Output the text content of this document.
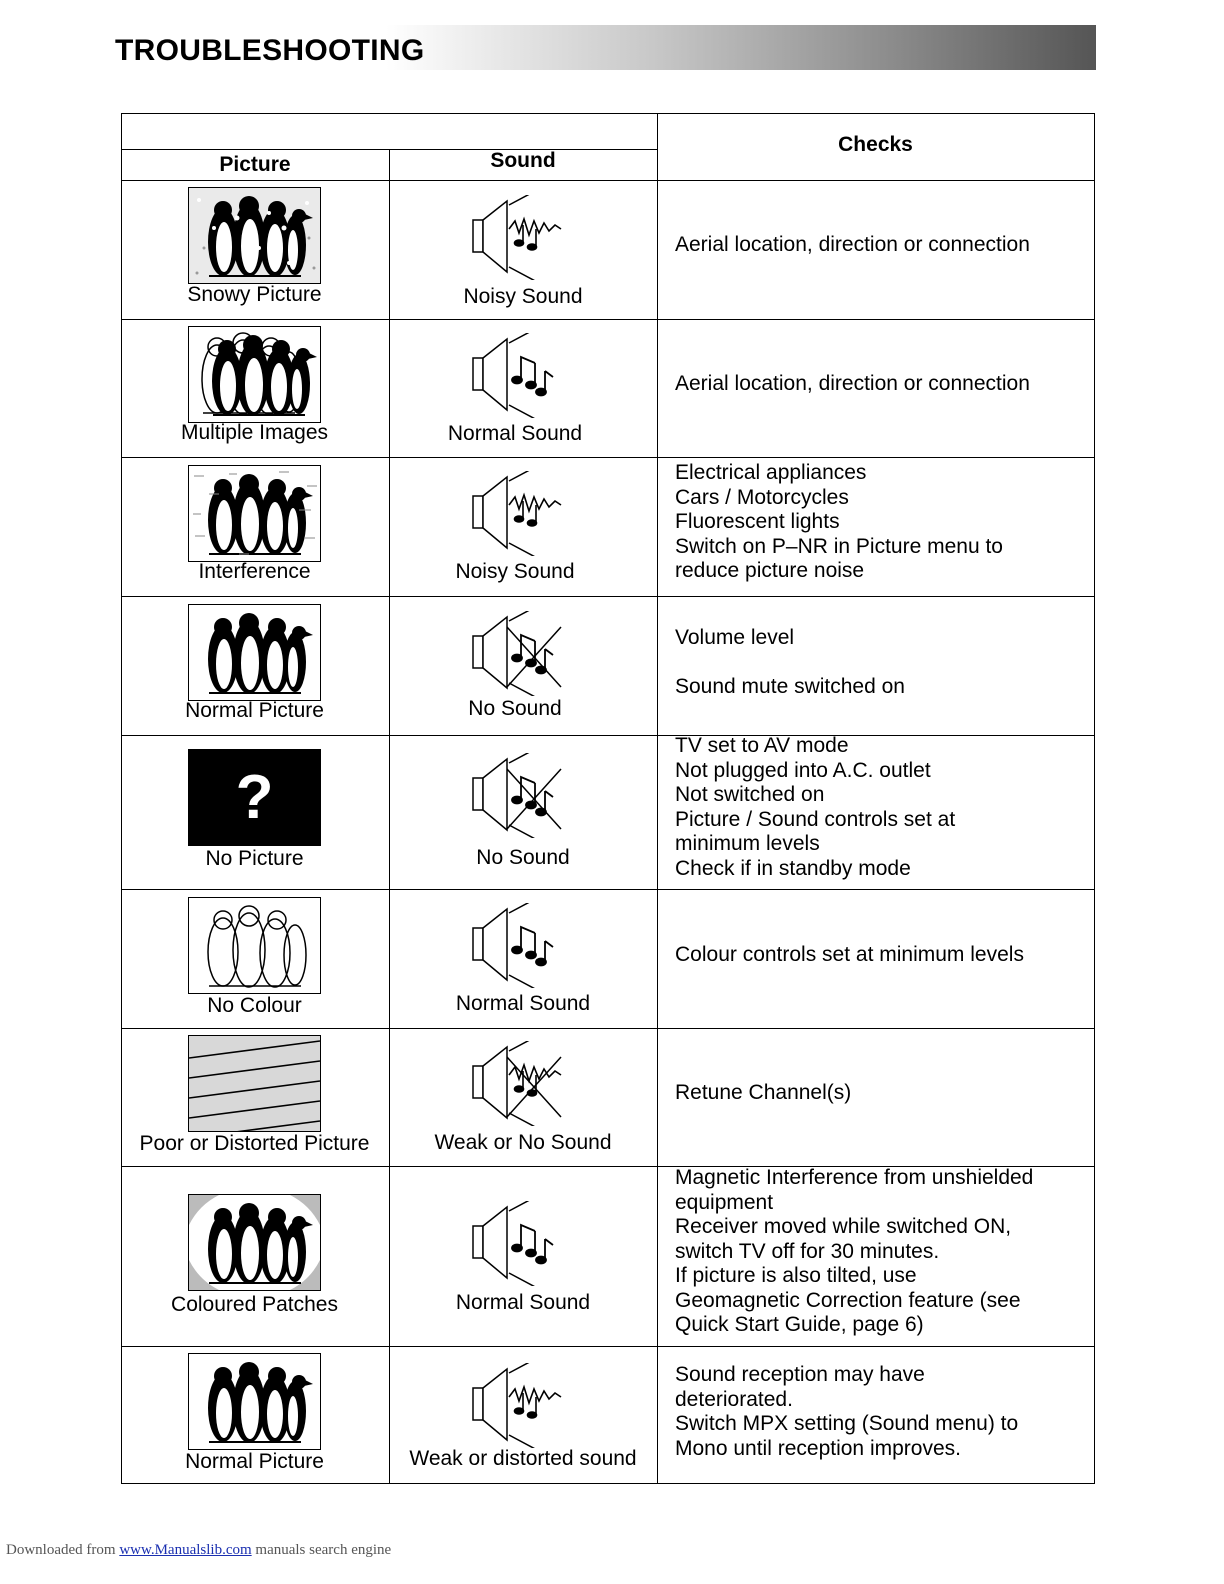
TROUBLESHOOTING
Picture	Sound
Checks
Snowy Picture	Noisy Sound
Aerial location, direction or connection
Multiple Images	Normal Sound
Aerial location, direction or connection
Interference	Noisy Sound
Electrical appliances
Cars / Motorcycles
Fluorescent lights
Switch on P–NR in Picture menu to
reduce picture noise
Normal Picture	No Sound
Volume level
Sound mute switched on
?
No Picture	No Sound
TV set to AV mode
Not plugged into A.C. outlet
Not switched on
Picture / Sound controls set at
minimum levels
Check if in standby mode
No Colour	Normal Sound
Colour controls set at minimum levels
Poor or Distorted Picture	Weak or No Sound
Retune Channel(s)
Coloured Patches	Normal Sound
Magnetic Interference from unshielded
equipment
Receiver moved while switched ON,
switch TV off for 30 minutes.
If picture is also tilted, use
Geomagnetic Correction feature (see
Quick Start Guide, page 6)
Normal Picture	Weak or distorted sound
Sound reception may have
deteriorated.
Switch MPX setting (Sound menu) to
Mono until reception improves.
Downloaded from www.Manualslib.com manuals search engine
